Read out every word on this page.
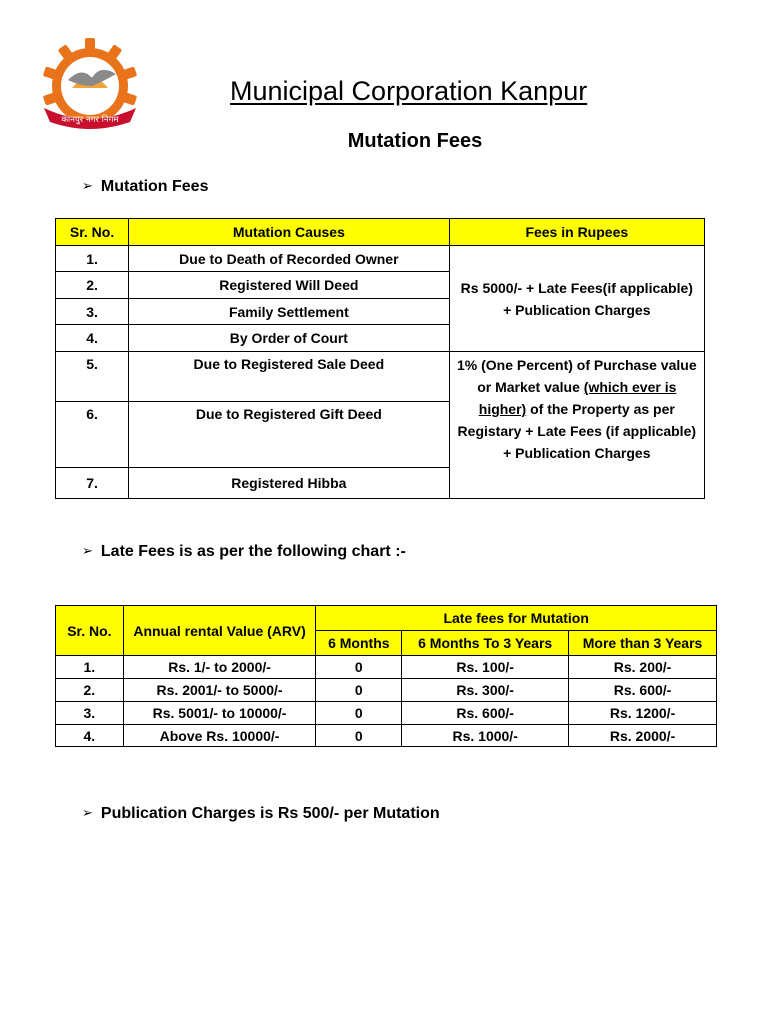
कानपुर नगर निगम
Municipal Corporation Kanpur
Mutation Fees
➢ Mutation Fees
Sr. No.	Mutation Causes	Fees in Rupees
1.	Due to Death of Recorded Owner	Rs 5000/- + Late Fees(if applicable) + Publication Charges
2.	Registered Will Deed	
3.	Family Settlement	
4.	By Order of Court	
5.	Due to Registered Sale Deed	1% (One Percent) of Purchase value or Market value (which ever is higher) of the Property as per Registary + Late Fees (if applicable) + Publication Charges
6.	Due to Registered Gift Deed	
7.	Registered Hibba	
➢ Late Fees is as per the following chart :-
Sr. No.	Annual rental Value (ARV)	Late fees for Mutation		
		6 Months	6 Months To 3 Years	More than 3 Years
1.	Rs. 1/- to 2000/-	0	Rs. 100/-	Rs. 200/-
2.	Rs. 2001/- to 5000/-	0	Rs. 300/-	Rs. 600/-
3.	Rs. 5001/- to 10000/-	0	Rs. 600/-	Rs. 1200/-
4.	Above Rs. 10000/-	0	Rs. 1000/-	Rs. 2000/-
➢ Publication Charges is Rs 500/- per Mutation
